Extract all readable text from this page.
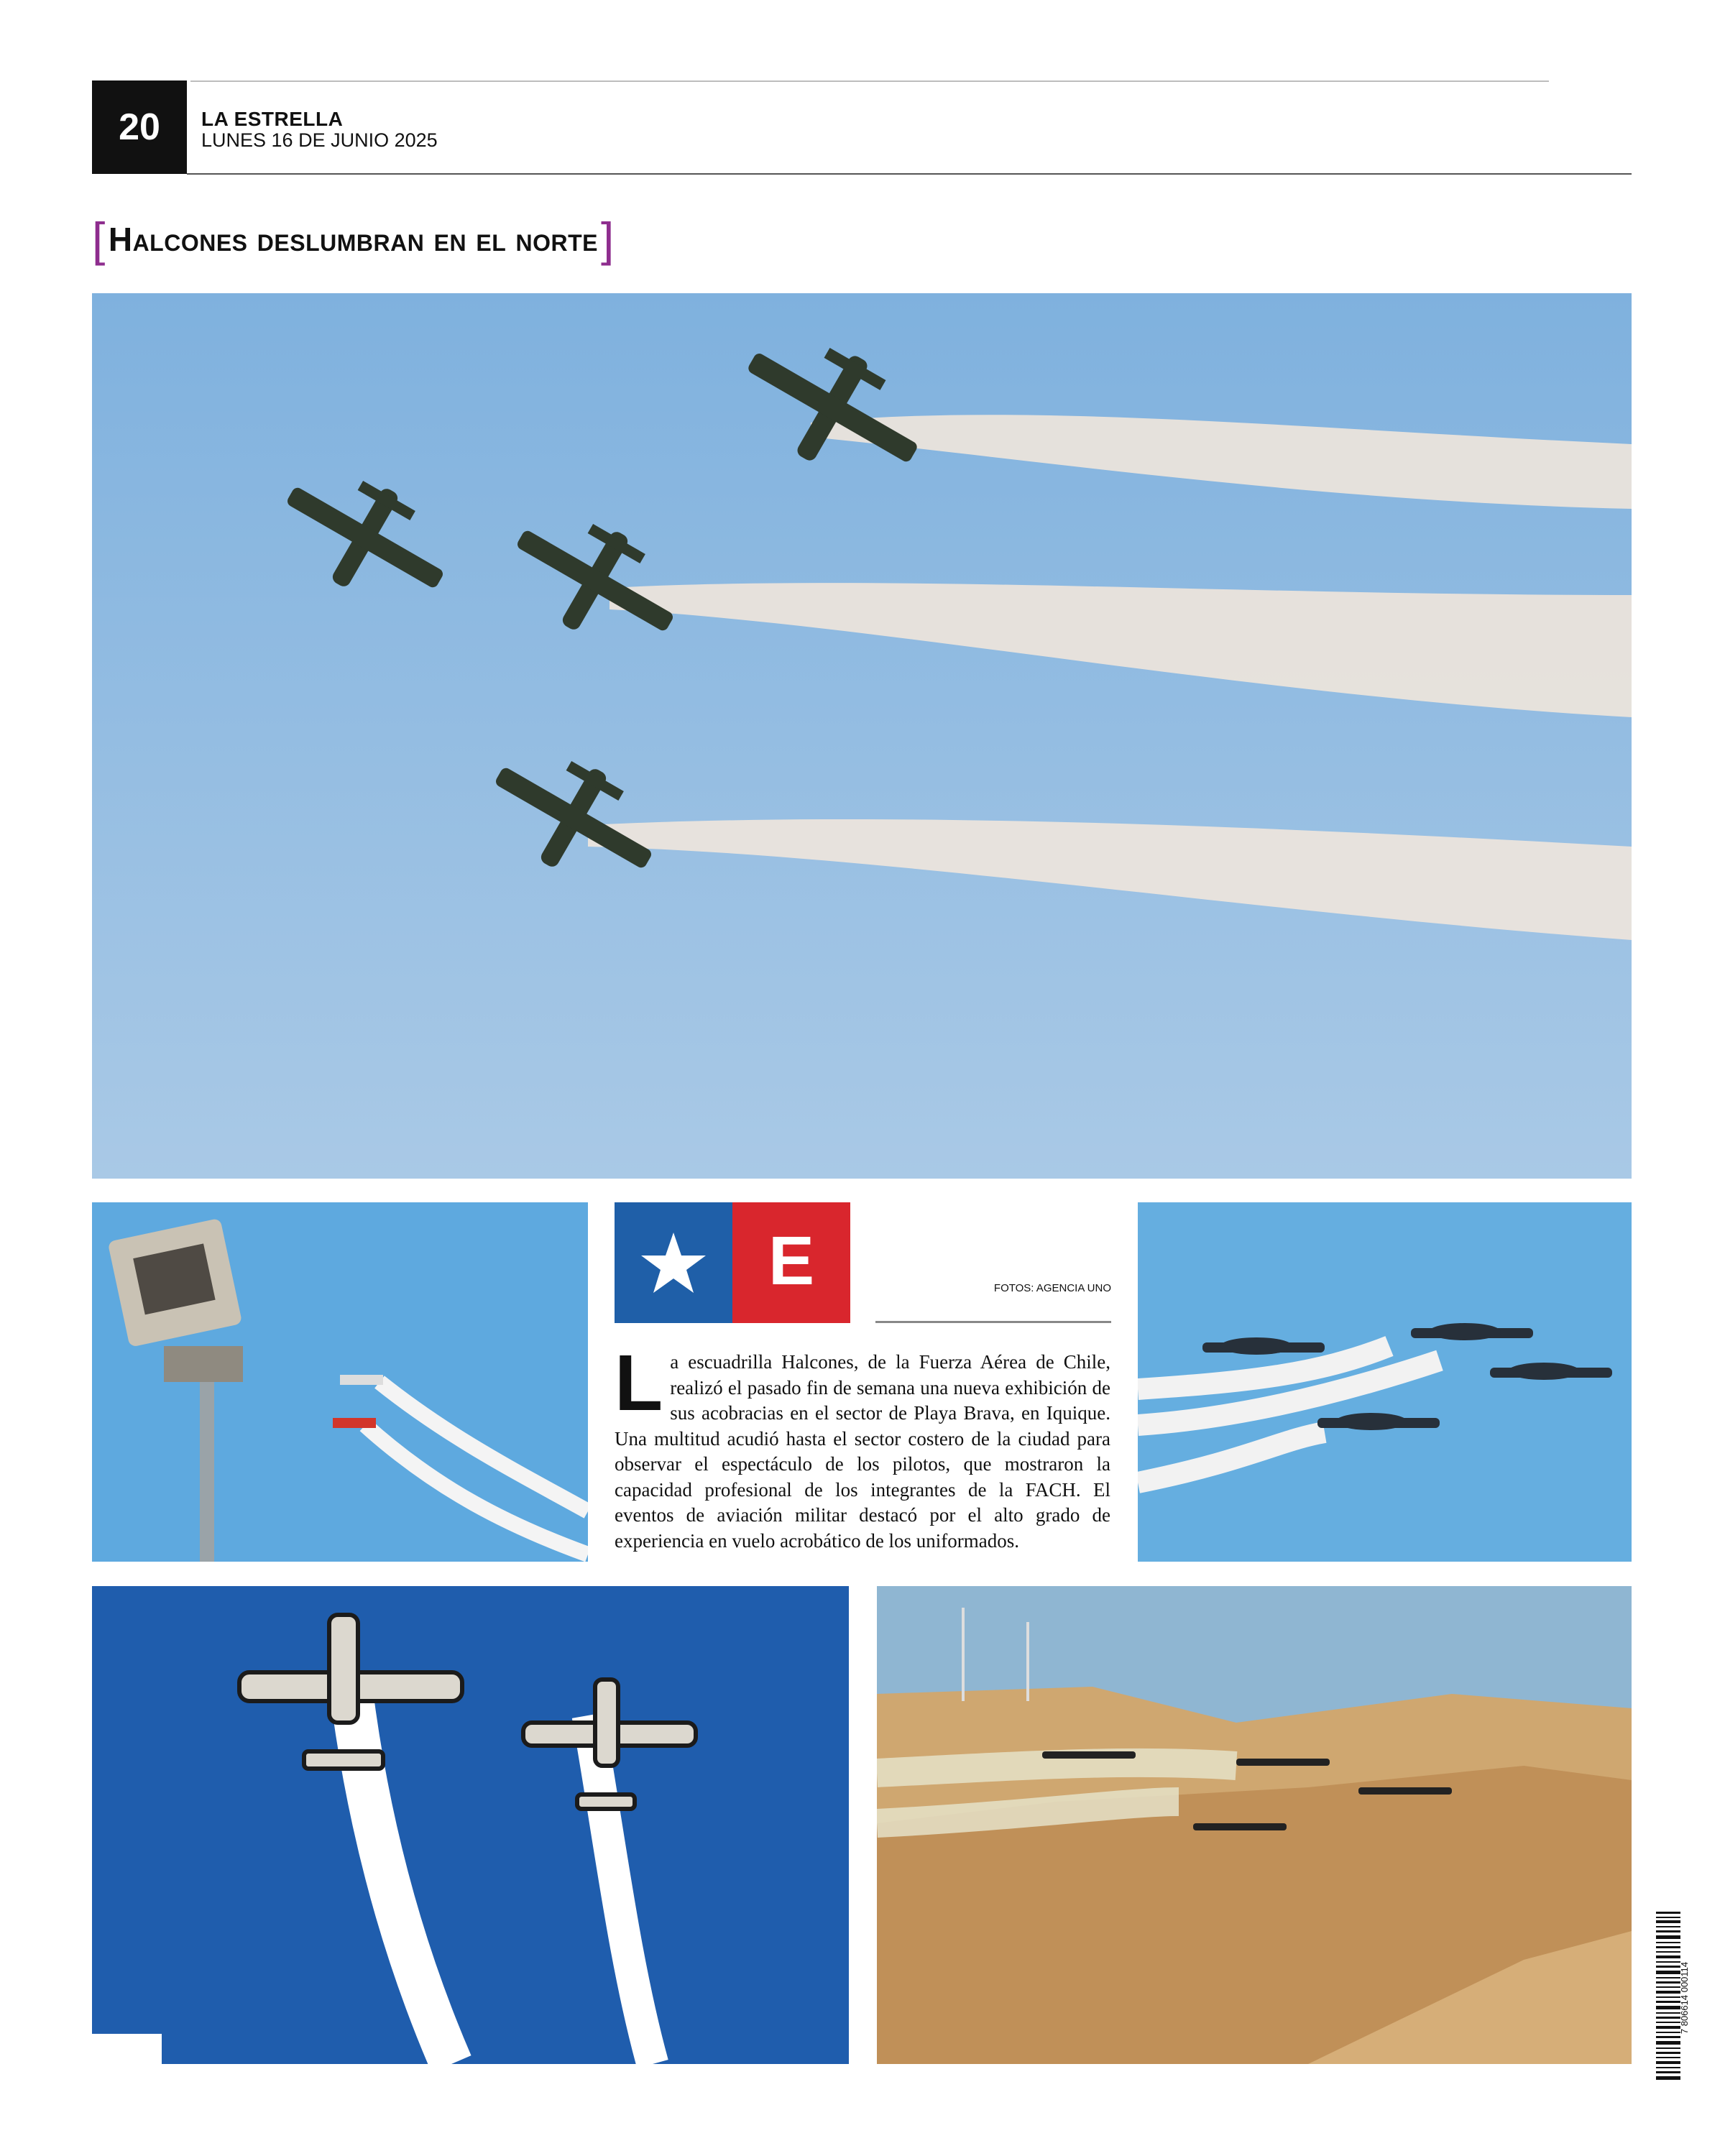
20	LA ESTRELLA
LUNES 16 DE JUNIO 2025
[ Halcones deslumbran en el norte ]
E	FOTOS: AGENCIA UNO
La escuadrilla Halcones, de la Fuerza Aérea de Chile, realizó el pasado fin de semana una nueva exhibición de sus acobracias en el sector de Playa Brava, en Iquique. Una multitud acudió hasta el sector costero de la ciudad para observar el espectáculo de los pilotos, que mostraron la capacidad profesional de los integrantes de la FACH. El eventos de aviación militar destacó por el alto grado de experiencia en vuelo acrobático de los uniformados.
7 806614 000114
